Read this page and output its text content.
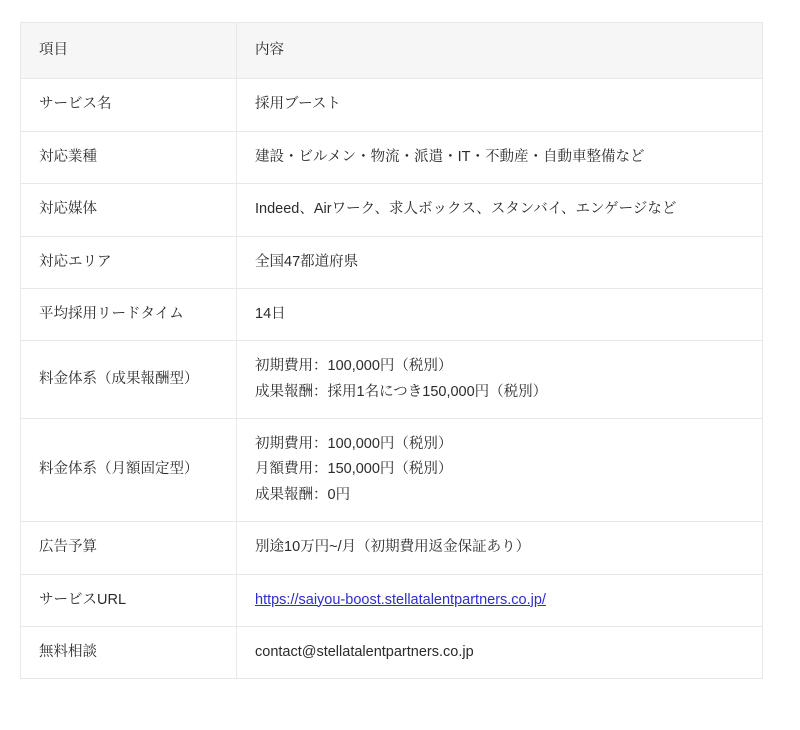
項目	内容
サービス名	採用ブースト

対応業種	建設・ビルメン・物流・派遣・IT・不動産・自動車整備など

対応媒体	Indeed、Airワーク、求人ボックス、スタンバイ、エンゲージなど

対応エリア	全国47都道府県

平均採用リードタイム	14日

料金体系（成果報酬型）	初期費用：100,000円（税別）
成果報酬：採用1名につき150,000円（税別）

料金体系（月額固定型）	初期費用：100,000円（税別）
月額費用：150,000円（税別）
成果報酬：0円

広告予算	別途10万円~/月（初期費用返金保証あり）

サービスURL	https://saiyou-boost.stellatalentpartners.co.jp/
無料相談	contact@stellatalentpartners.co.jp
